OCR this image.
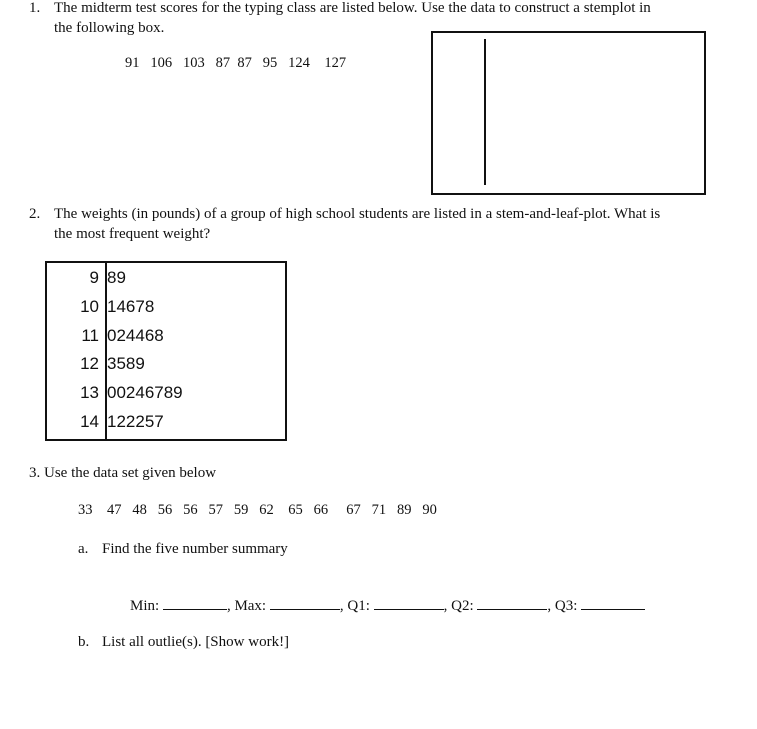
1. The midterm test scores for the typing class are listed below. Use the data to construct a stemplot in
the following box.
91   106   103   87  87   95   124    127
2. The weights (in pounds) of a group of high school students are listed in a stem-and-leaf-plot. What is
the most frequent weight?
9 89
10 14678
11 024468
12 3589
13 00246789
14 122257
3. Use the data set given below
33    47   48   56   56   57   59   62    65   66     67   71   89   90
a. Find the five number summary
Min:	, Max:	, Q1:	, Q2:	, Q3:
b. List all outlie(s). [Show work!]
